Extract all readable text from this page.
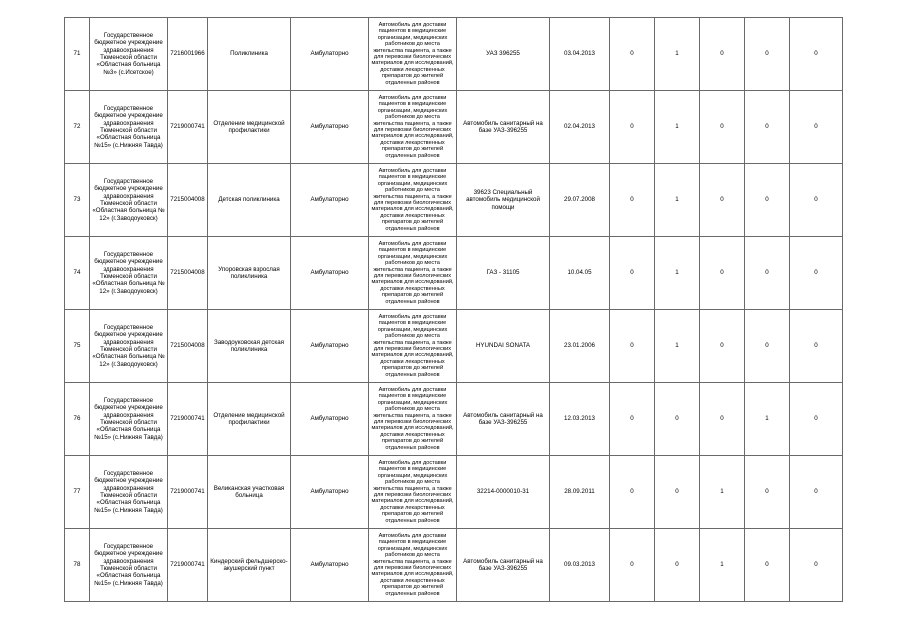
71	Государственное бюджетное учреждение здравоохранения Тюменской области «Областная больница №3» (с.Исетское)	7216001966	Поликлиника	Амбулаторно	Автомобиль для доставки пациентов в медицинские организации, медицинских работников до места жительства пациента, а также для перевозки биологических материалов для исследований, доставки лекарственных препаратов до жителей отдаленных районов	УАЗ 396255	03.04.2013	0	1	0	0	0
72	Государственное бюджетное учреждение здравоохранения Тюменской области «Областная больница №15» (с.Нижняя Тавда)	7219000741	Отделение медицинской профилактики	Амбулаторно	Автомобиль для доставки пациентов в медицинские организации, медицинских работников до места жительства пациента, а также для перевозки биологических материалов для исследований, доставки лекарственных препаратов до жителей отдаленных районов	Автомобиль санитарный на базе УАЗ-396255	02.04.2013	0	1	0	0	0
73	Государственное бюджетное учреждение здравоохранения Тюменской области «Областная больница № 12» (г.Заводоуковск)	7215004008	Детская поликлиника	Амбулаторно	Автомобиль для доставки пациентов в медицинские организации, медицинских работников до места жительства пациента, а также для перевозки биологических материалов для исследований, доставки лекарственных препаратов до жителей отдаленных районов	39623 Специальный автомобиль медицинской помощи	29.07.2008	0	1	0	0	0
74	Государственное бюджетное учреждение здравоохранения Тюменской области «Областная больница № 12» (г.Заводоуковск)	7215004008	Упоровская взрослая поликлиника	Амбулаторно	Автомобиль для доставки пациентов в медицинские организации, медицинских работников до места жительства пациента, а также для перевозки биологических материалов для исследований, доставки лекарственных препаратов до жителей отдаленных районов	ГАЗ - 31105	10.04.05	0	1	0	0	0
75	Государственное бюджетное учреждение здравоохранения Тюменской области «Областная больница № 12» (г.Заводоуковск)	7215004008	Заводоуковская детская поликлиника	Амбулаторно	Автомобиль для доставки пациентов в медицинские организации, медицинских работников до места жительства пациента, а также для перевозки биологических материалов для исследований, доставки лекарственных препаратов до жителей отдаленных районов	HYUNDAI SONATA	23.01.2006	0	1	0	0	0
76	Государственное бюджетное учреждение здравоохранения Тюменской области «Областная больница №15» (с.Нижняя Тавда)	7219000741	Отделение медицинской профилактики	Амбулаторно	Автомобиль для доставки пациентов в медицинские организации, медицинских работников до места жительства пациента, а также для перевозки биологических материалов для исследований, доставки лекарственных препаратов до жителей отдаленных районов	Автомобиль санитарный на базе УАЗ-396255	12.03.2013	0	0	0	1	0
77	Государственное бюджетное учреждение здравоохранения Тюменской области «Областная больница №15» (с.Нижняя Тавда)	7219000741	Великанская участковая больница	Амбулаторно	Автомобиль для доставки пациентов в медицинские организации, медицинских работников до места жительства пациента, а также для перевозки биологических материалов для исследований, доставки лекарственных препаратов до жителей отдаленных районов	32214-0000010-31	28.09.2011	0	0	1	0	0
78	Государственное бюджетное учреждение здравоохранения Тюменской области «Областная больница №15» (с.Нижняя Тавда)	7219000741	Киндерский фельдшерско-акушерский пункт	Амбулаторно	Автомобиль для доставки пациентов в медицинские организации, медицинских работников до места жительства пациента, а также для перевозки биологических материалов для исследований, доставки лекарственных препаратов до жителей отдаленных районов	Автомобиль санитарный на базе УАЗ-396255	09.03.2013	0	0	1	0	0
